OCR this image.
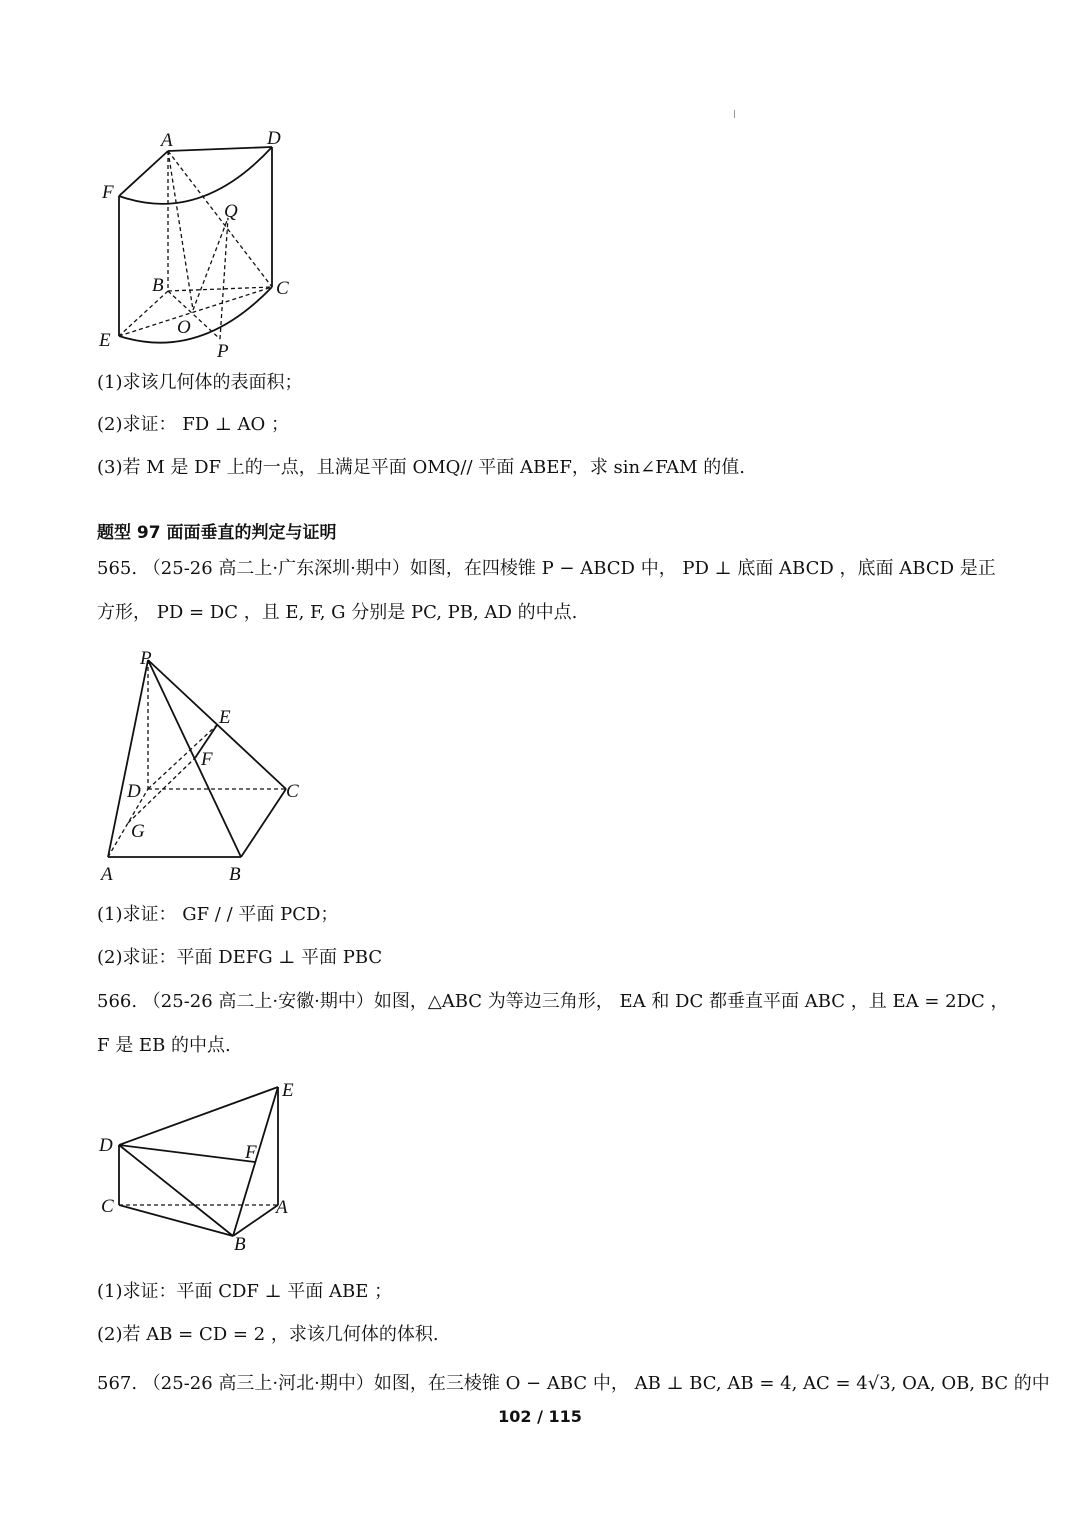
A	D
F
Q
B	C
O
E
P
(1)求该几何体的表面积；
(2)求证： FD ⊥ AO ；
(3)若 M 是 DF 上的一点，且满足平面 OMQ// 平面 ABEF，求 sin∠FAM 的值.
题型 97 面面垂直的判定与证明
565. （25-26 高二上·广东深圳·期中）如图，在四棱锥 P − ABCD 中， PD ⊥ 底面 ABCD ，底面 ABCD 是正
方形， PD = DC ，且 E, F, G 分别是 PC, PB, AD 的中点.
P
E
F
D	C
G
A	B
(1)求证： GF / / 平面 PCD；
(2)求证：平面 DEFG ⊥ 平面 PBC
566. （25-26 高二上·安徽·期中）如图，△ABC 为等边三角形， EA 和 DC 都垂直平面 ABC ，且 EA = 2DC ，
F 是 EB 的中点.
E
D	F
C	A
B
(1)求证：平面 CDF ⊥ 平面 ABE ；
(2)若 AB = CD = 2 ，求该几何体的体积.
567. （25-26 高三上·河北·期中）如图，在三棱锥 O − ABC 中， AB ⊥ BC, AB = 4, AC = 4√3, OA, OB, BC 的中
102 / 115
